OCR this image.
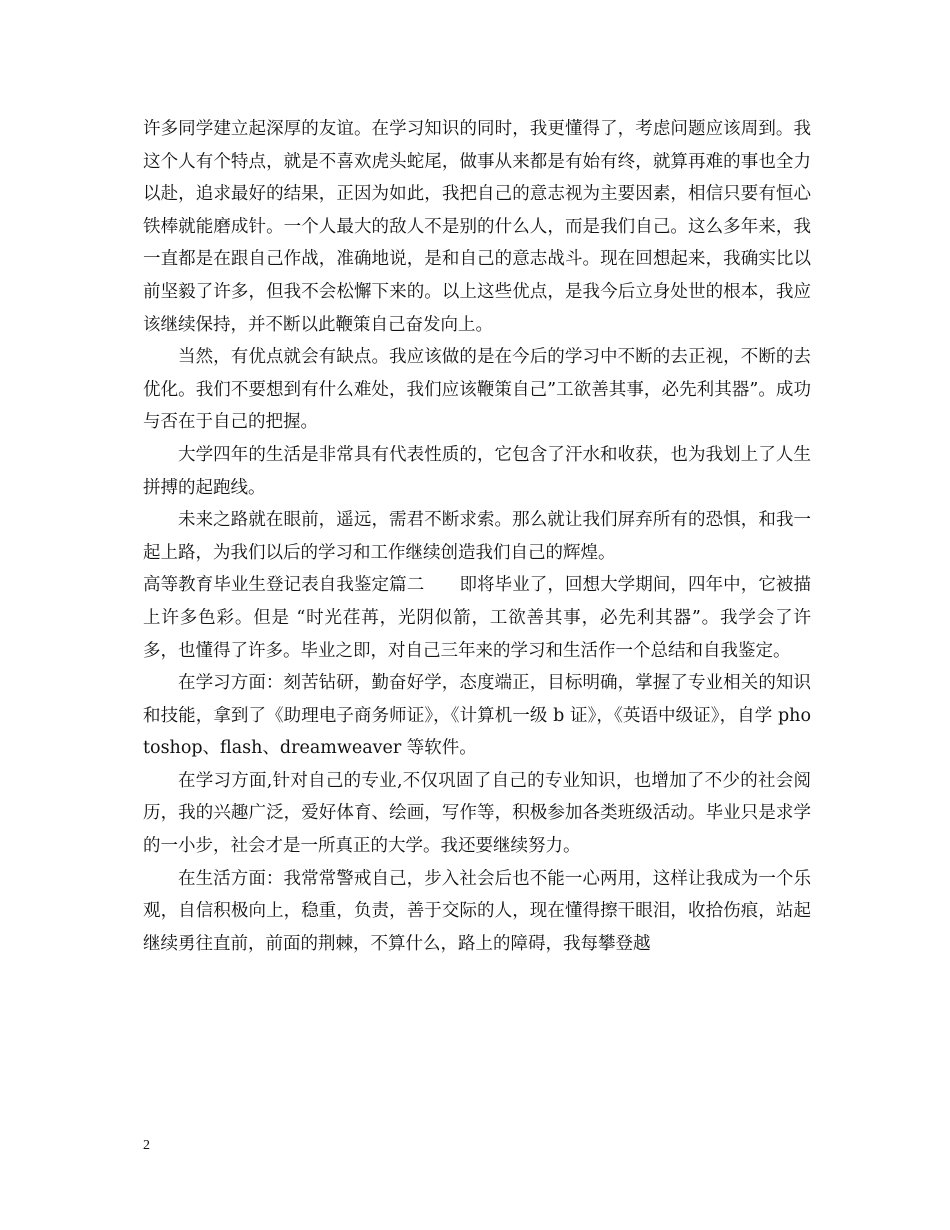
许多同学建立起深厚的友谊。在学习知识的同时，我更懂得了，考虑问题应该周到。我这个人有个特点，就是不喜欢虎头蛇尾，做事从来都是有始有终，就算再难的事也全力以赴，追求最好的结果，正因为如此，我把自己的意志视为主要因素，相信只要有恒心铁棒就能磨成针。一个人最大的敌人不是别的什么人，而是我们自己。这么多年来，我一直都是在跟自己作战，准确地说，是和自己的意志战斗。现在回想起来，我确实比以前坚毅了许多，但我不会松懈下来的。以上这些优点，是我今后立身处世的根本，我应该继续保持，并不断以此鞭策自己奋发向上。

当然，有优点就会有缺点。我应该做的是在今后的学习中不断的去正视，不断的去优化。我们不要想到有什么难处，我们应该鞭策自己”工欲善其事，必先利其器”。成功与否在于自己的把握。

大学四年的生活是非常具有代表性质的，它包含了汗水和收获，也为我划上了人生拼搏的起跑线。

未来之路就在眼前，遥远，需君不断求索。那么就让我们屏弃所有的恐惧，和我一起上路，为我们以后的学习和工作继续创造我们自己的辉煌。

高等教育毕业生登记表自我鉴定篇二　　即将毕业了，回想大学期间，四年中，它被描上许多色彩。但是 “时光荏苒，光阴似箭，工欲善其事，必先利其器”。我学会了许多，也懂得了许多。毕业之即，对自己三年来的学习和生活作一个总结和自我鉴定。

在学习方面：刻苦钻研，勤奋好学，态度端正，目标明确，掌握了专业相关的知识和技能，拿到了《助理电子商务师证》，《计算机一级 b 证》，《英语中级证》，自学 photoshop、flash、dreamweaver 等软件。

在学习方面,针对自己的专业,不仅巩固了自己的专业知识，也增加了不少的社会阅历，我的兴趣广泛，爱好体育、绘画，写作等，积极参加各类班级活动。毕业只是求学的一小步，社会才是一所真正的大学。我还要继续努力。

在生活方面：我常常警戒自己，步入社会后也不能一心两用，这样让我成为一个乐观，自信积极向上，稳重，负责，善于交际的人，现在懂得擦干眼泪，收拾伤痕，站起继续勇往直前，前面的荆棘，不算什么，路上的障碍，我每攀登越

2
